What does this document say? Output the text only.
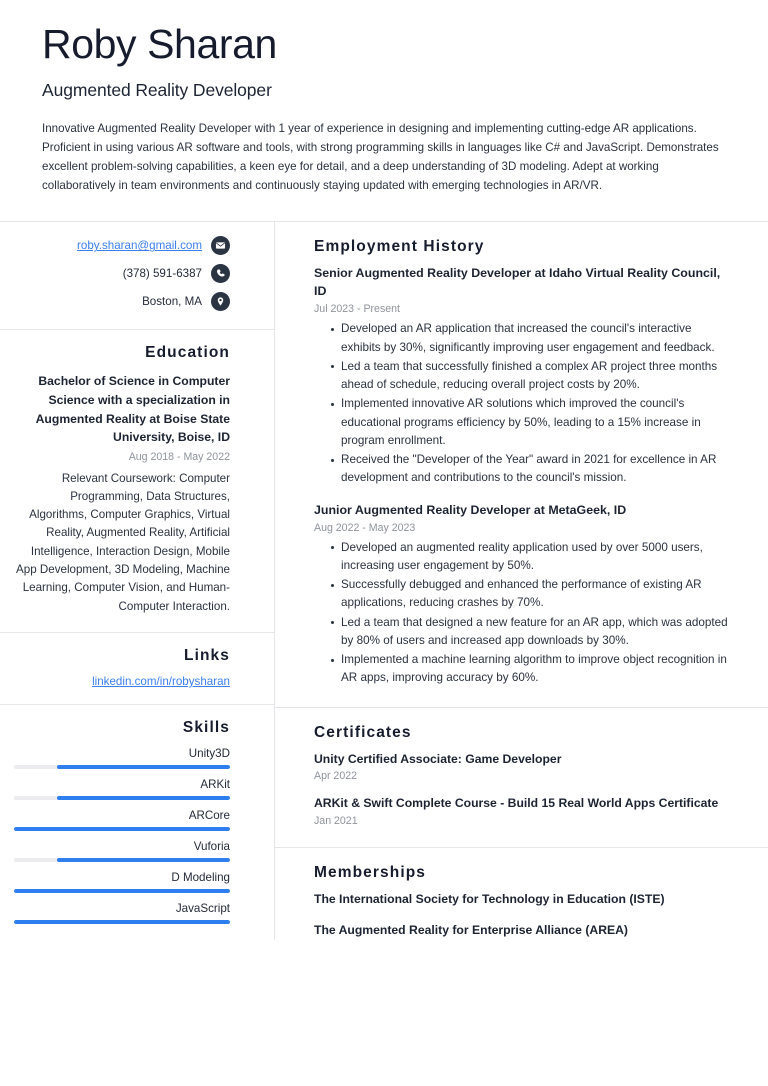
Roby Sharan
Augmented Reality Developer
Innovative Augmented Reality Developer with 1 year of experience in designing and implementing cutting-edge AR applications. Proficient in using various AR software and tools, with strong programming skills in languages like C# and JavaScript. Demonstrates excellent problem-solving capabilities, a keen eye for detail, and a deep understanding of 3D modeling. Adept at working collaboratively in team environments and continuously staying updated with emerging technologies in AR/VR.
roby.sharan@gmail.com
(378) 591-6387
Boston, MA
Education
Bachelor of Science in Computer Science with a specialization in Augmented Reality at Boise State University, Boise, ID
Aug 2018 - May 2022
Relevant Coursework: Computer Programming, Data Structures, Algorithms, Computer Graphics, Virtual Reality, Augmented Reality, Artificial Intelligence, Interaction Design, Mobile App Development, 3D Modeling, Machine Learning, Computer Vision, and Human-Computer Interaction.
Links
linkedin.com/in/robysharan
Skills
Unity3D
ARKit
ARCore
Vuforia
D Modeling
JavaScript
Employment History
Senior Augmented Reality Developer at Idaho Virtual Reality Council, ID
Jul 2023 - Present
Developed an AR application that increased the council's interactive exhibits by 30%, significantly improving user engagement and feedback.
Led a team that successfully finished a complex AR project three months ahead of schedule, reducing overall project costs by 20%.
Implemented innovative AR solutions which improved the council's educational programs efficiency by 50%, leading to a 15% increase in program enrollment.
Received the "Developer of the Year" award in 2021 for excellence in AR development and contributions to the council's mission.
Junior Augmented Reality Developer at MetaGeek, ID
Aug 2022 - May 2023
Developed an augmented reality application used by over 5000 users, increasing user engagement by 50%.
Successfully debugged and enhanced the performance of existing AR applications, reducing crashes by 70%.
Led a team that designed a new feature for an AR app, which was adopted by 80% of users and increased app downloads by 30%.
Implemented a machine learning algorithm to improve object recognition in AR apps, improving accuracy by 60%.
Certificates
Unity Certified Associate: Game Developer
Apr 2022
ARKit & Swift Complete Course - Build 15 Real World Apps Certificate
Jan 2021
Memberships
The International Society for Technology in Education (ISTE)
The Augmented Reality for Enterprise Alliance (AREA)
